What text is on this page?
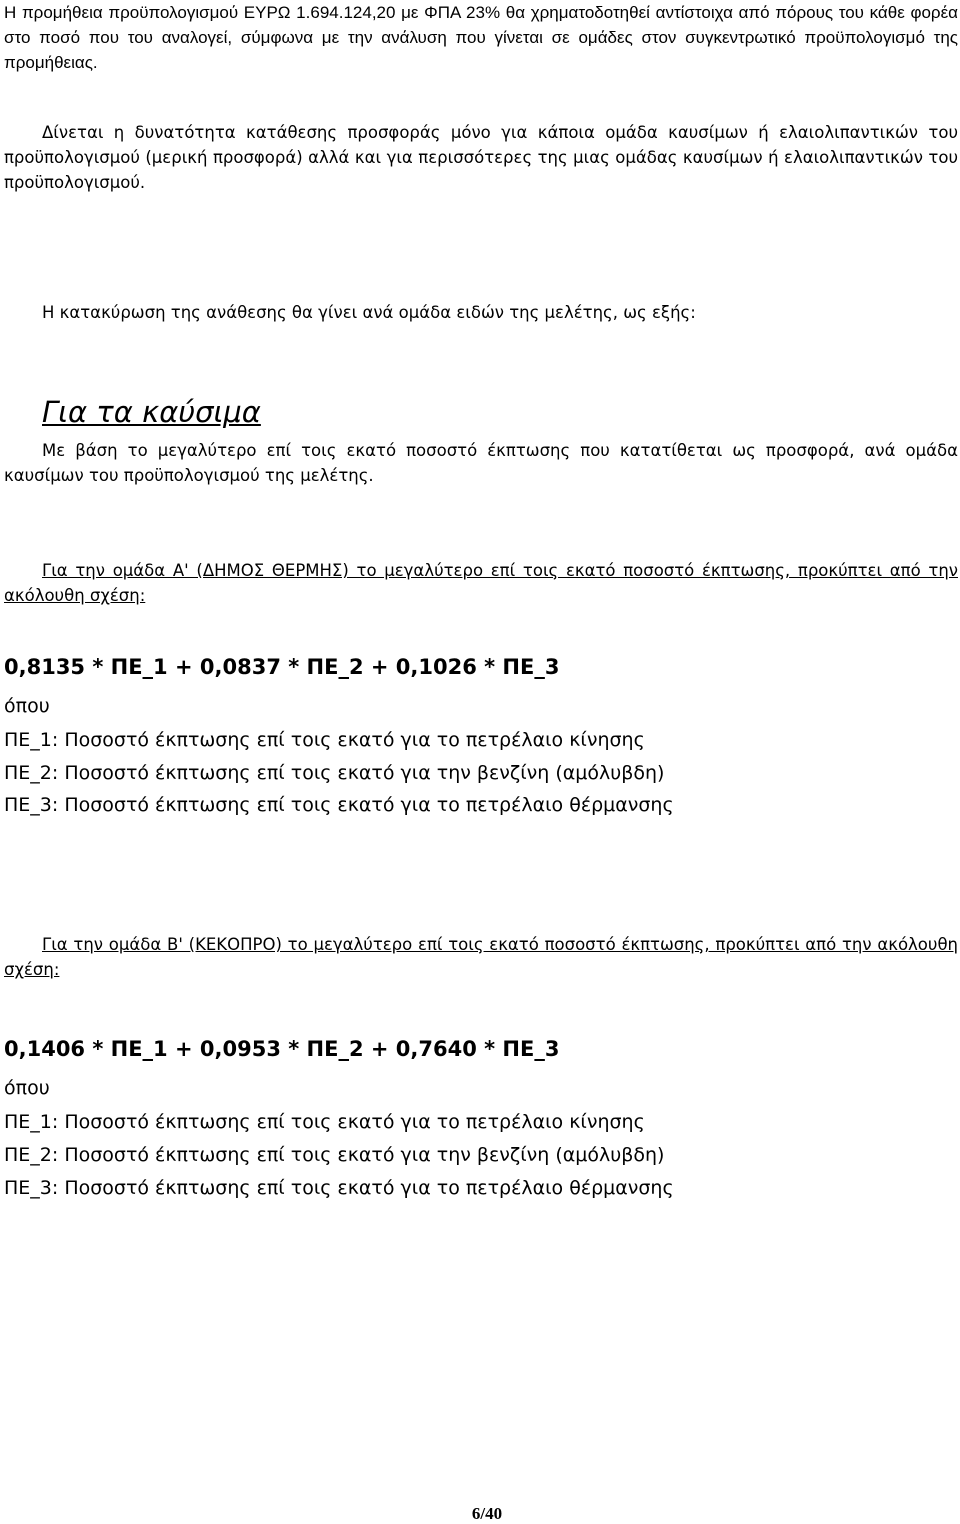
Η προμήθεια προϋπολογισμού ΕΥΡΩ 1.694.124,20 με ΦΠΑ 23% θα χρηματοδοτηθεί αντίστοιχα από πόρους του κάθε φορέα στο ποσό που του αναλογεί, σύμφωνα με την ανάλυση που γίνεται σε ομάδες στον συγκεντρωτικό προϋπολογισμό της προμήθειας.
Δίνεται η δυνατότητα κατάθεσης προσφοράς μόνο για κάποια ομάδα καυσίμων ή ελαιολιπαντικών του προϋπολογισμού (μερική προσφορά) αλλά και για περισσότερες της μιας ομάδας καυσίμων ή ελαιολιπαντικών του προϋπολογισμού.
Η κατακύρωση της ανάθεσης θα γίνει ανά ομάδα ειδών της μελέτης, ως εξής:
Για τα καύσιμα
Με βάση το μεγαλύτερο επί τοις εκατό ποσοστό έκπτωσης που κατατίθεται ως προσφορά, ανά ομάδα καυσίμων του προϋπολογισμού της μελέτης.
Για την ομάδα Α' (ΔΗΜΟΣ ΘΕΡΜΗΣ) το μεγαλύτερο επί τοις εκατό ποσοστό έκπτωσης, προκύπτει από την ακόλουθη σχέση:
0,8135 * ΠΕ_1 + 0,0837 * ΠΕ_2 + 0,1026 * ΠΕ_3
όπου
ΠΕ_1: Ποσοστό έκπτωσης επί τοις εκατό για το πετρέλαιο κίνησης
ΠΕ_2: Ποσοστό έκπτωσης επί τοις εκατό για την βενζίνη (αμόλυβδη)
ΠΕ_3: Ποσοστό έκπτωσης επί τοις εκατό για το πετρέλαιο θέρμανσης
Για την ομάδα Β' (ΚΕΚΟΠΡΟ) το μεγαλύτερο επί τοις εκατό ποσοστό έκπτωσης, προκύπτει από την ακόλουθη σχέση:
0,1406 * ΠΕ_1 + 0,0953 * ΠΕ_2 + 0,7640 * ΠΕ_3
όπου
ΠΕ_1: Ποσοστό έκπτωσης επί τοις εκατό για το πετρέλαιο κίνησης
ΠΕ_2: Ποσοστό έκπτωσης επί τοις εκατό για την βενζίνη (αμόλυβδη)
ΠΕ_3: Ποσοστό έκπτωσης επί τοις εκατό για το πετρέλαιο θέρμανσης
6/40
